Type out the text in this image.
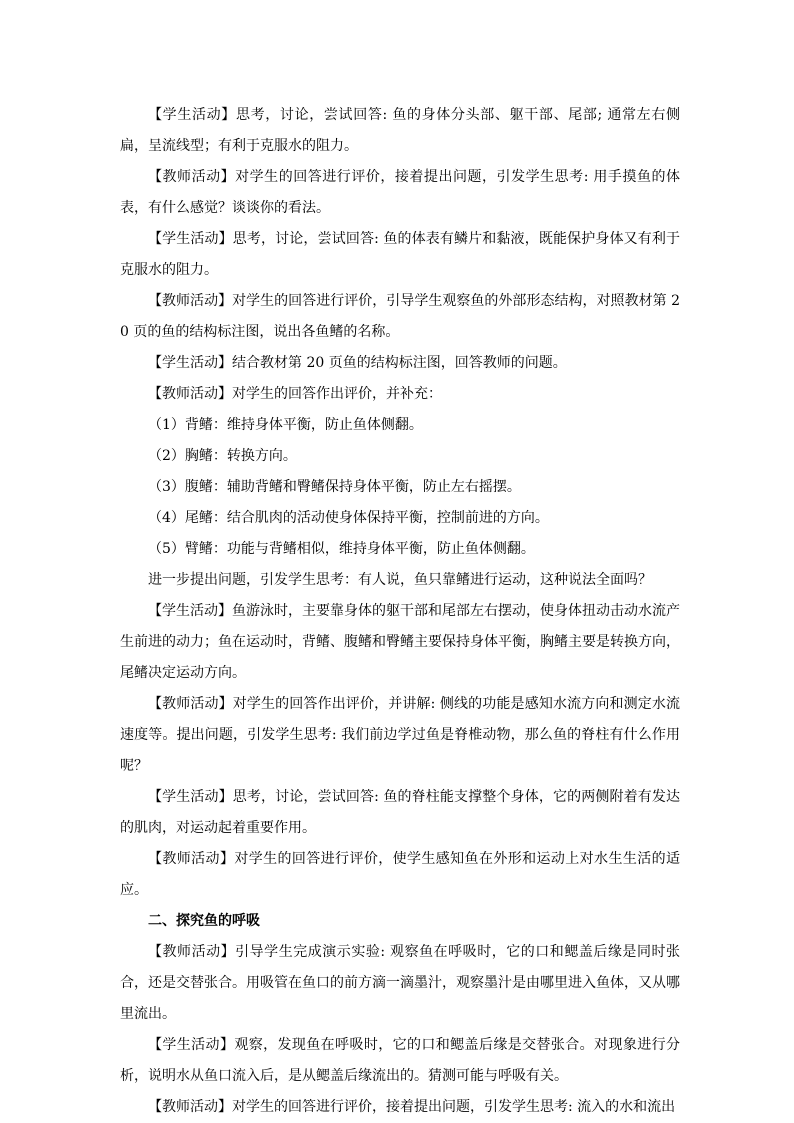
【学生活动】思考，讨论，尝试回答: 鱼的身体分头部、躯干部、尾部; 通常左右侧扁，呈流线型；有利于克服水的阻力。

【教师活动】对学生的回答进行评价，接着提出问题，引发学生思考: 用手摸鱼的体表，有什么感觉？谈谈你的看法。

【学生活动】思考，讨论，尝试回答: 鱼的体表有鳞片和黏液，既能保护身体又有利于克服水的阻力。

【教师活动】对学生的回答进行评价，引导学生观察鱼的外部形态结构，对照教材第 20 页的鱼的结构标注图，说出各鱼鳍的名称。

【学生活动】结合教材第 20 页鱼的结构标注图，回答教师的问题。

【教师活动】对学生的回答作出评价，并补充：

（1）背鳍：维持身体平衡，防止鱼体侧翻。

（2）胸鳍：转换方向。

（3）腹鳍：辅助背鳍和臀鳍保持身体平衡，防止左右摇摆。

（4）尾鳍：结合肌肉的活动使身体保持平衡，控制前进的方向。

（5）臂鳍：功能与背鳍相似，维持身体平衡，防止鱼体侧翻。

进一步提出问题，引发学生思考：有人说，鱼只靠鳍进行运动，这种说法全面吗？

【学生活动】鱼游泳时，主要靠身体的躯干部和尾部左右摆动，使身体扭动击动水流产生前进的动力；鱼在运动时，背鳍、腹鳍和臀鳍主要保持身体平衡，胸鳍主要是转换方向，尾鳍决定运动方向。

【教师活动】对学生的回答作出评价，并讲解: 侧线的功能是感知水流方向和测定水流速度等。提出问题，引发学生思考: 我们前边学过鱼是脊椎动物，那么鱼的脊柱有什么作用呢？

【学生活动】思考，讨论，尝试回答: 鱼的脊柱能支撑整个身体，它的两侧附着有发达的肌肉，对运动起着重要作用。

【教师活动】对学生的回答进行评价，使学生感知鱼在外形和运动上对水生生活的适应。

二、探究鱼的呼吸

【教师活动】引导学生完成演示实验: 观察鱼在呼吸时，它的口和鳃盖后缘是同时张合，还是交替张合。用吸管在鱼口的前方滴一滴墨汁，观察墨汁是由哪里进入鱼体，又从哪里流出。

【学生活动】观察，发现鱼在呼吸时，它的口和鳃盖后缘是交替张合。对现象进行分析，说明水从鱼口流入后，是从鳃盖后缘流出的。猜测可能与呼吸有关。

【教师活动】对学生的回答进行评价，接着提出问题，引发学生思考: 流入的水和流出
